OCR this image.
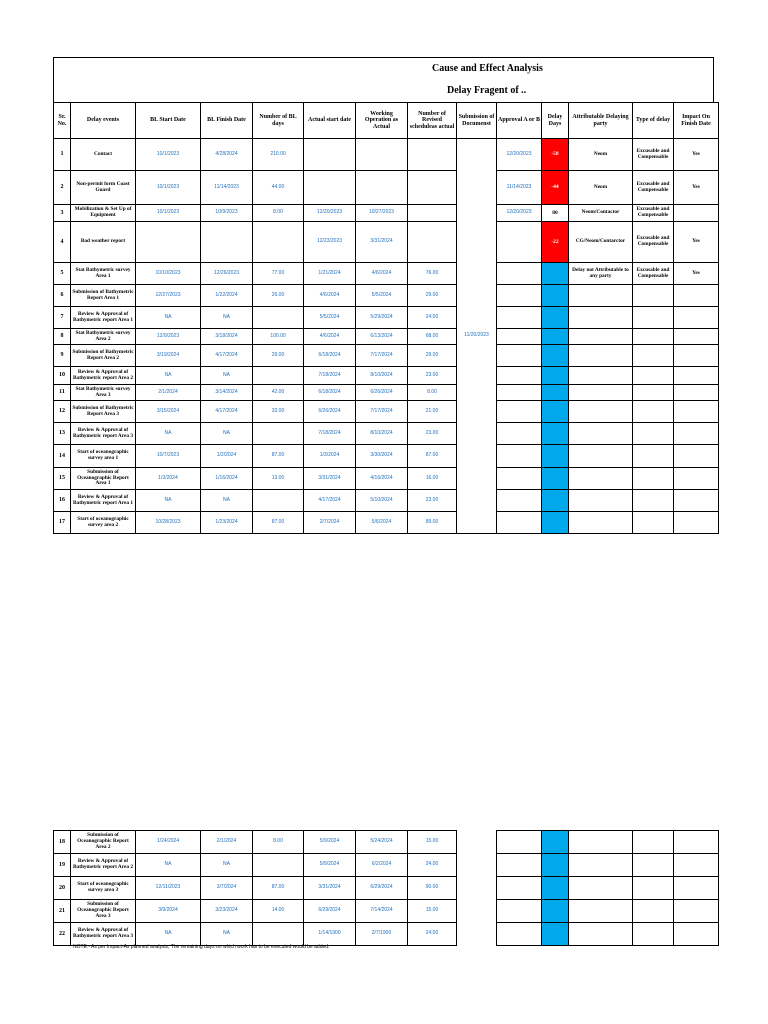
Cause and Effect Analysis
Delay Fragent of ..
Sr. No.	Delay events	BL Start Date	BL Finish Date	Number of BL days	Actual start date	Working Operation as Actual	Number of Revised scheduleas actual	Submission of Documenst	Approval A or B	Delay Days	Attributable Delaying party	Type of delay	Impact On Finish Date
1	Contact	10/1/2023	4/28/2024	210.00				11/20/2023	12/20/2023	-58	Neom	Excusable and Compensable	Yes
2	Non-permit form Coast Guard	10/1/2023	11/14/2023	44.00					11/14/2023	-44	Neom	Excusable and Compensable	Yes
3	Mobilization & Set Up of Equipment	10/1/2023	10/9/2023	8.00	12/20/2023	10/27/2023			12/20/2023	80	Neom/Contactor	Excusable and Compensable	
4	Bad weather report				12/23/2023	3/31/2024				-22	CG/Neom/Contarctor	Excusable and Compensable	Yes
5	Stat Bathymetric survey Area 1	10/10/2023	12/26/2023	77.00	1/21/2024	4/6/2024	76.00				Delay not Attributable to any party	Excusable and Compensable	Yes
6	Submission of Bathymetric Report Area 1	12/27/2023	1/22/2024	26.00	4/6/2024	5/5/2024	29.00						
7	Review & Approval of Bathymetric report Area 1	NA	NA		5/5/2024	5/29/2024	24.00						
8	Stat Bathymetric survey Area 2	12/9/2023	3/18/2024	100.00	4/6/2024	6/13/2024	68.00						
9	Submission of Bathymetric Report Area 2	3/19/2024	4/17/2024	29.00	6/18/2024	7/17/2024	29.00						
10	Review & Approval of Bathymetric report Area 2	NA	NA		7/18/2024	8/10/2024	23.00						
11	Stat Bathymetric survey Area 3	2/1/2024	3/14/2024	42.00	6/18/2024	6/26/2024	8.00						
12	Submission of Bathymetric Report Area 3	3/15/2024	4/17/2024	33.00	6/26/2024	7/17/2024	21.00						
13	Review & Approval of Bathymetric report Area 3	NA	NA		7/18/2024	8/10/2024	23.00						
14	Start of oceanographic survey area 1	10/7/2023	1/2/2024	87.00	1/3/2024	3/30/2024	87.00						
15	Submission of Oceanographic Report Area 1	1/3/2024	1/16/2024	13.00	3/31/2024	4/16/2024	16.00						
16	Review & Approval of Bathymetric report Area 1	NA	NA		4/17/2024	5/10/2024	23.00						
17	Start of oceanographic survey area 2	10/28/2023	1/23/2024	87.00	2/7/2024	5/6/2024	89.00						
18	Submission of Oceanographic Report Area 2	1/24/2024	2/1/2024	8.00	5/9/2024	5/24/2024	15.00						
19	Review & Approval of Bathymetric report Area 2	NA	NA		5/9/2024	6/2/2024	24.00						
20	Start of oceanographic survey area 3	12/11/2023	3/7/2024	87.00	3/31/2024	6/29/2024	90.00						
21	Submission of Oceanographic Report Area 3	3/9/2024	3/23/2024	14.00	6/29/2024	7/14/2024	15.00						
22	Review & Approval of Bathymetric report Area 3	NA	NA		1/14/1900	2/7/1900	24.00						
NOTE:- As per Impact-As planned analysis, The remaining days on which work has to be executed would be added.
